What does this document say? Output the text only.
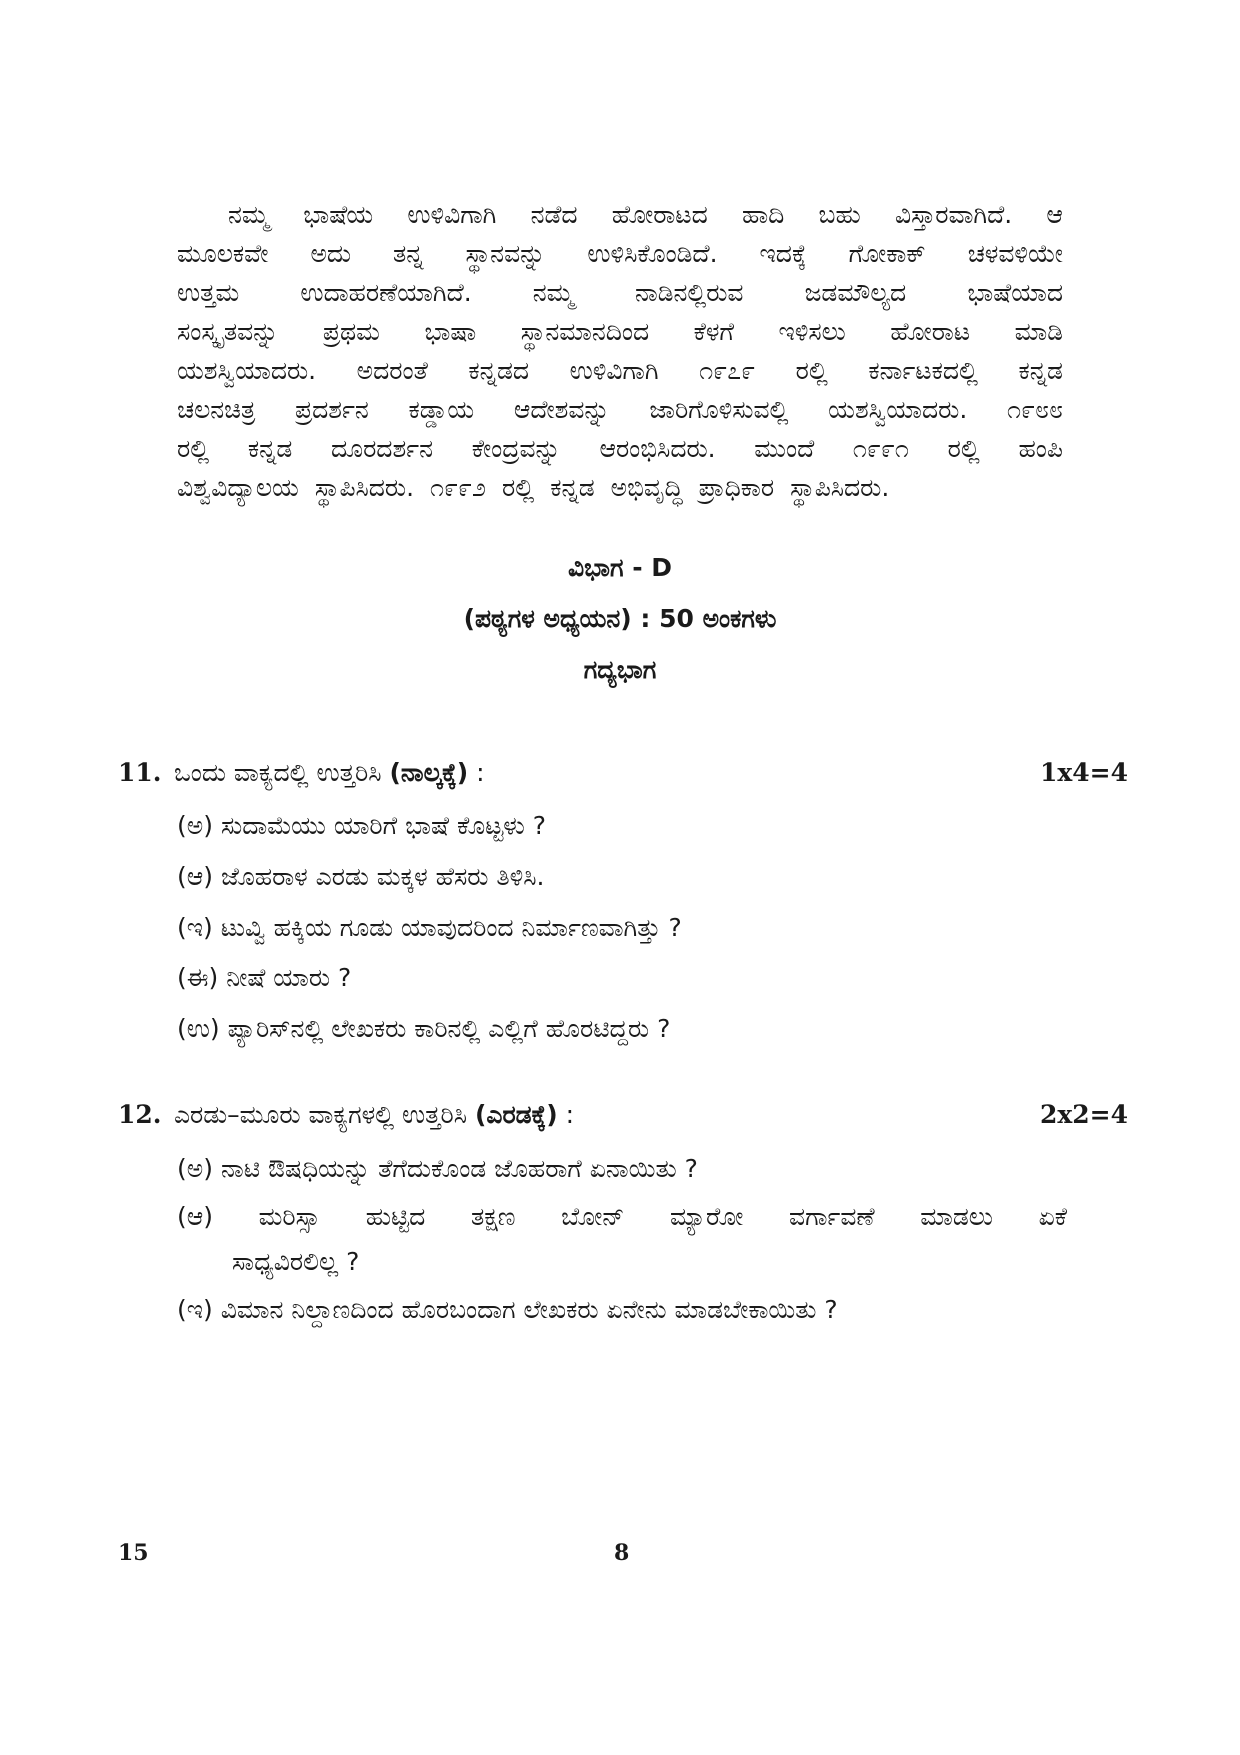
ನಮ್ಮ ಭಾಷೆಯ ಉಳಿವಿಗಾಗಿ ನಡೆದ ಹೋರಾಟದ ಹಾದಿ ಬಹು ವಿಸ್ತಾರವಾಗಿದೆ. ಆ
ಮೂಲಕವೇ ಅದು ತನ್ನ ಸ್ಥಾನವನ್ನು ಉಳಿಸಿಕೊಂಡಿದೆ. ಇದಕ್ಕೆ ಗೋಕಾಕ್ ಚಳವಳಿಯೇ
ಉತ್ತಮ ಉದಾಹರಣೆಯಾಗಿದೆ. ನಮ್ಮ ನಾಡಿನಲ್ಲಿರುವ ಜಡಮೌಲ್ಯದ ಭಾಷೆಯಾದ
ಸಂಸ್ಕೃತವನ್ನು ಪ್ರಥಮ ಭಾಷಾ ಸ್ಥಾನಮಾನದಿಂದ ಕೆಳಗೆ ಇಳಿಸಲು ಹೋರಾಟ ಮಾಡಿ
ಯಶಸ್ವಿಯಾದರು. ಅದರಂತೆ ಕನ್ನಡದ ಉಳಿವಿಗಾಗಿ ೧೯೭೯ ರಲ್ಲಿ ಕರ್ನಾಟಕದಲ್ಲಿ ಕನ್ನಡ
ಚಲನಚಿತ್ರ ಪ್ರದರ್ಶನ ಕಡ್ಡಾಯ ಆದೇಶವನ್ನು ಜಾರಿಗೊಳಿಸುವಲ್ಲಿ ಯಶಸ್ವಿಯಾದರು. ೧೯೮೮
ರಲ್ಲಿ ಕನ್ನಡ ದೂರದರ್ಶನ ಕೇಂದ್ರವನ್ನು ಆರಂಭಿಸಿದರು. ಮುಂದೆ ೧೯೯೧ ರಲ್ಲಿ ಹಂಪಿ
ವಿಶ್ವವಿದ್ಯಾಲಯ ಸ್ಥಾಪಿಸಿದರು. ೧೯೯೨ ರಲ್ಲಿ ಕನ್ನಡ ಅಭಿವೃದ್ಧಿ ಪ್ರಾಧಿಕಾರ ಸ್ಥಾಪಿಸಿದರು.
ವಿಭಾಗ - D
(ಪಠ್ಯಗಳ ಅಧ್ಯಯನ) : 50 ಅಂಕಗಳು
ಗದ್ಯಭಾಗ
11. ಒಂದು ವಾಕ್ಯದಲ್ಲಿ ಉತ್ತರಿಸಿ (ನಾಲ್ಕಕ್ಕೆ) :	1x4=4
(ಅ) ಸುದಾಮೆಯು ಯಾರಿಗೆ ಭಾಷೆ ಕೊಟ್ಟಳು ?
(ಆ) ಜೊಹರಾಳ ಎರಡು ಮಕ್ಕಳ ಹೆಸರು ತಿಳಿಸಿ.
(ಇ) ಟುವ್ವಿ ಹಕ್ಕಿಯ ಗೂಡು ಯಾವುದರಿಂದ ನಿರ್ಮಾಣವಾಗಿತ್ತು ?
(ಈ) ನೀಷೆ ಯಾರು ?
(ಉ) ಪ್ಯಾರಿಸ್‌ನಲ್ಲಿ ಲೇಖಕರು ಕಾರಿನಲ್ಲಿ ಎಲ್ಲಿಗೆ ಹೊರಟಿದ್ದರು ?
12. ಎರಡು–ಮೂರು ವಾಕ್ಯಗಳಲ್ಲಿ ಉತ್ತರಿಸಿ (ಎರಡಕ್ಕೆ) :	2x2=4
(ಅ) ನಾಟಿ ಔಷಧಿಯನ್ನು ತೆಗೆದುಕೊಂಡ ಜೊಹರಾಗೆ ಏನಾಯಿತು ?
(ಆ) ಮರಿಸ್ಸಾ ಹುಟ್ಟಿದ ತಕ್ಷಣ ಬೋನ್ ಮ್ಯಾರೋ ವರ್ಗಾವಣೆ ಮಾಡಲು ಏಕೆ
ಸಾಧ್ಯವಿರಲಿಲ್ಲ ?
(ಇ) ವಿಮಾನ ನಿಲ್ದಾಣದಿಂದ ಹೊರಬಂದಾಗ ಲೇಖಕರು ಏನೇನು ಮಾಡಬೇಕಾಯಿತು ?
15	8
